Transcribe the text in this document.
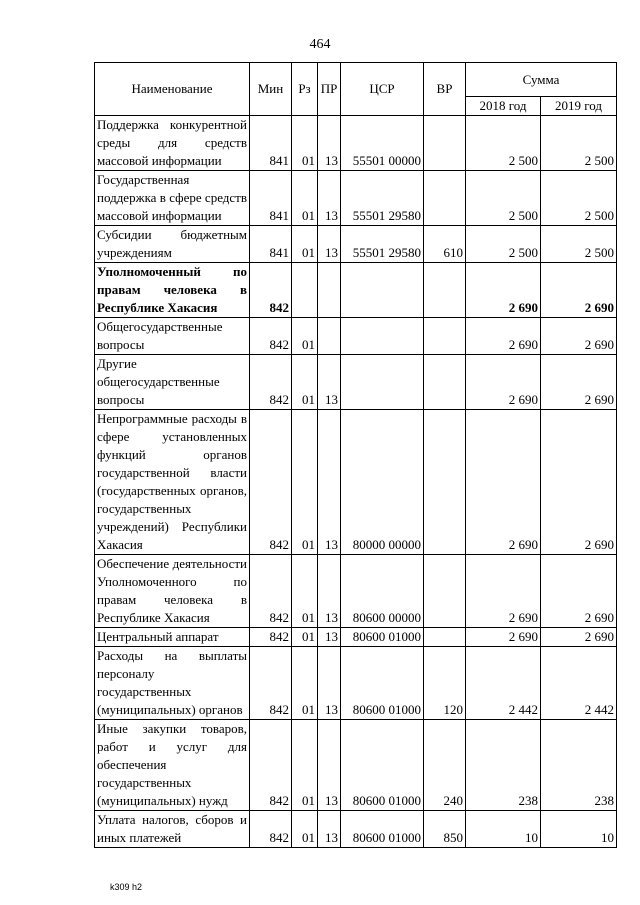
464
Наименование	Мин	Рз	ПР	ЦСР	ВР	Сумма	
						2018 год	2019 год
Поддержка конкурентной среды для средств массовой информации	841	01	13	55501 00000		2 500	2 500
Государственная поддержка в сфере средств массовой информации	841	01	13	55501 29580		2 500	2 500
Субсидии бюджетным учреждениям	841	01	13	55501 29580	610	2 500	2 500
Уполномоченный по правам человека в Республике Хакасия	842					2 690	2 690
Общегосударственные вопросы	842	01				2 690	2 690
Другие общегосударственные вопросы	842	01	13			2 690	2 690
Непрограммные расходы в сфере установленных функций органов государственной власти (государственных органов, государственных учреждений) Республики Хакасия	842	01	13	80000 00000		2 690	2 690
Обеспечение деятельности Уполномоченного по правам человека в Республике Хакасия	842	01	13	80600 00000		2 690	2 690
Центральный аппарат	842	01	13	80600 01000		2 690	2 690
Расходы на выплаты персоналу государственных (муниципальных) органов	842	01	13	80600 01000	120	2 442	2 442
Иные закупки товаров, работ и услуг для обеспечения государственных (муниципальных) нужд	842	01	13	80600 01000	240	238	238
Уплата налогов, сборов и иных платежей	842	01	13	80600 01000	850	10	10
k309 h2
